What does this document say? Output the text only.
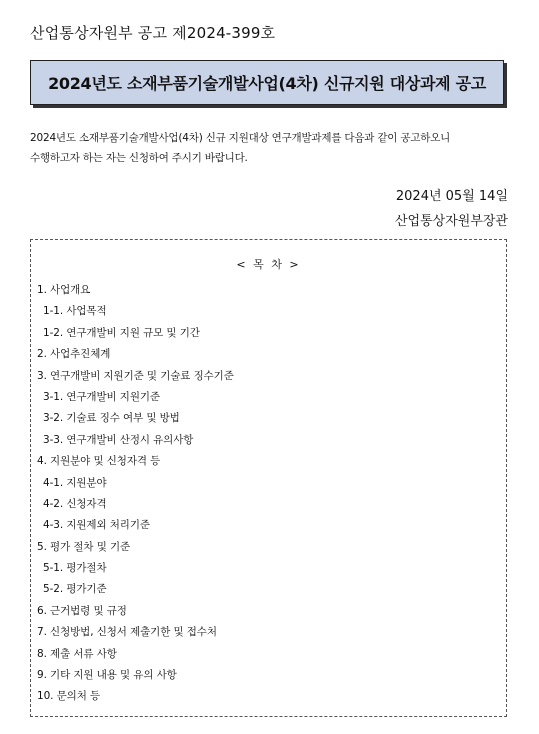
산업통상자원부 공고 제2024-399호
2024년도 소재부품기술개발사업(4차) 신규지원 대상과제 공고

2024년도 소재부품기술개발사업(4차) 신규 지원대상 연구개발과제를 다음과 같이 공고하오니
수행하고자 하는 자는 신청하여 주시기 바랍니다.

2024년 05월 14일
산업통상자원부장관
< 목 차 >
1. 사업개요
1-1. 사업목적
1-2. 연구개발비 지원 규모 및 기간
2. 사업추진체계
3. 연구개발비 지원기준 및 기술료 징수기준
3-1. 연구개발비 지원기준
3-2. 기술료 징수 여부 및 방법
3-3. 연구개발비 산정시 유의사항
4. 지원분야 및 신청자격 등
4-1. 지원분야
4-2. 신청자격
4-3. 지원제외 처리기준
5. 평가 절차 및 기준
5-1. 평가절차
5-2. 평가기준
6. 근거법령 및 규정
7. 신청방법, 신청서 제출기한 및 접수처
8. 제출 서류 사항
9. 기타 지원 내용 및 유의 사항
10. 문의처 등
